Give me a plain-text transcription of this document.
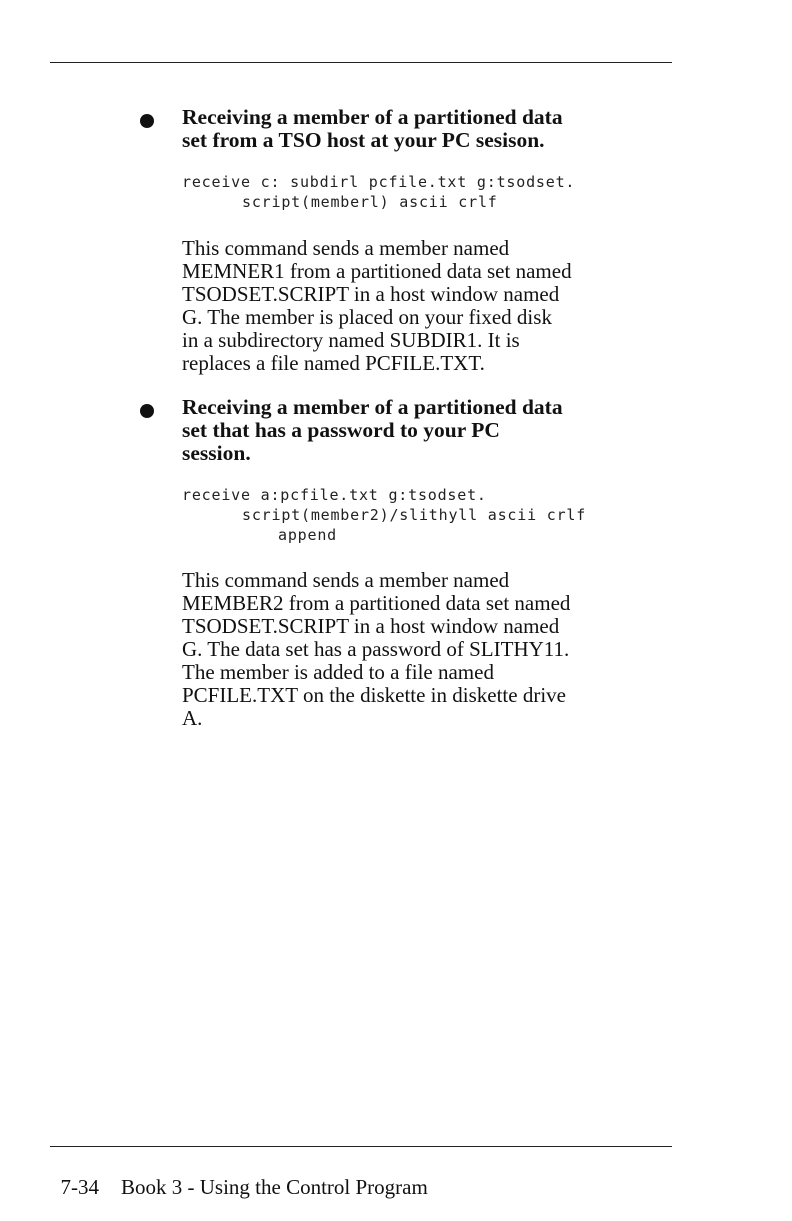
Receiving a member of a partitioned data
set from a TSO host at your PC sesison.

receive c: subdirl pcfile.txt g:tsodset.
script(memberl) ascii crlf

This command sends a member named
MEMNER1 from a partitioned data set named
TSODSET.SCRIPT in a host window named
G. The member is placed on your fixed disk
in a subdirectory named SUBDIR1. It is
replaces a file named PCFILE.TXT.

Receiving a member of a partitioned data
set that has a password to your PC
session.

receive a:pcfile.txt g:tsodset.
script(member2)/slithyll ascii crlf
append

This command sends a member named
MEMBER2 from a partitioned data set named
TSODSET.SCRIPT in a host window named
G. The data set has a password of SLITHY11.
The member is added to a file named
PCFILE.TXT on the diskette in diskette drive
A.

7-34 Book 3 - Using the Control Program
